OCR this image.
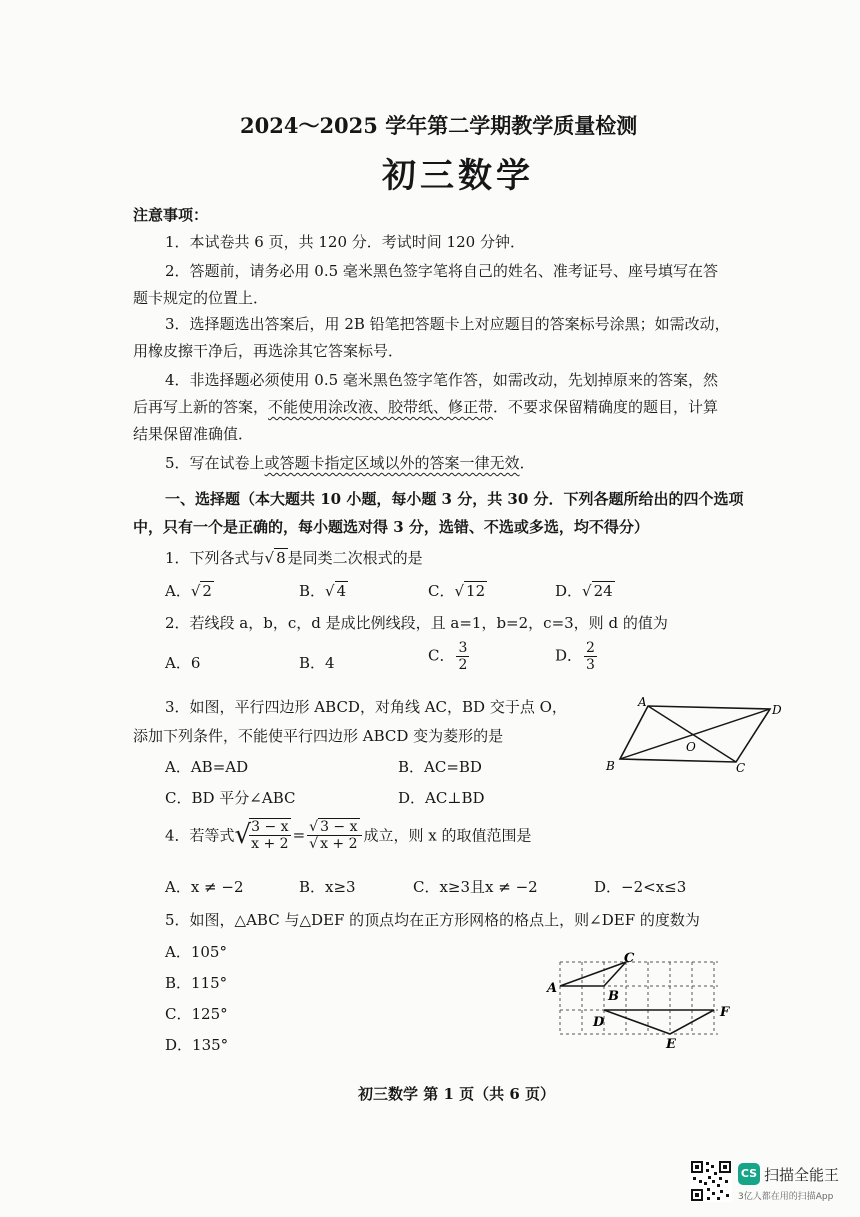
2024～2025 学年第二学期教学质量检测
初三数学
注意事项：
1．本试卷共 6 页，共 120 分．考试时间 120 分钟．
2．答题前，请务必用 0.5 毫米黑色签字笔将自己的姓名、准考证号、座号填写在答
题卡规定的位置上．
3．选择题选出答案后，用 2B 铅笔把答题卡上对应题目的答案标号涂黑；如需改动，
用橡皮擦干净后，再选涂其它答案标号．
4．非选择题必须使用 0.5 毫米黑色签字笔作答，如需改动，先划掉原来的答案，然
后再写上新的答案，不能使用涂改液、胶带纸、修正带．不要求保留精确度的题目，计算
结果保留准确值．
5．写在试卷上或答题卡指定区域以外的答案一律无效．
一、选择题（本大题共 10 小题，每小题 3 分，共 30 分．下列各题所给出的四个选项
中，只有一个是正确的，每小题选对得 3 分，选错、不选或多选，均不得分）
1．下列各式与√ 8 是同类二次根式的是
A．√ 2	B．√ 4	C．√ 12	D．√ 24
2．若线段 a，b，c，d 是成比例线段，且 a=1，b=2，c=3，则 d 的值为
A．6	B．4	C． $\frac{3}{2}$	D． $\frac{2}{3}$
3．如图，平行四边形 ABCD，对角线 AC，BD 交于点 O，
添加下列条件，不能使平行四边形 ABCD 变为菱形的是
A．AB=AD	B．AC=BD
C．BD 平分∠ABC	D．AC⊥BD
A
D
B	C
O
4．若等式√
$\frac{3 - x}{x + 2} = \frac{√ 3 - x}{√ x + 2}$ 成立，则 x 的取值范围是
A．x ≠ −2	B．x≥3	C．x≥3且x ≠ −2	D．−2<x≤3
5．如图，△ABC 与△DEF 的顶点均在正方形网格的格点上，则∠DEF 的度数为
A．105°
B．115°
C．125°
D．135°
A
B
C
D
E
F
初三数学 第 1 页（共 6 页）
CS 扫描全能王
3亿人都在用的扫描App
